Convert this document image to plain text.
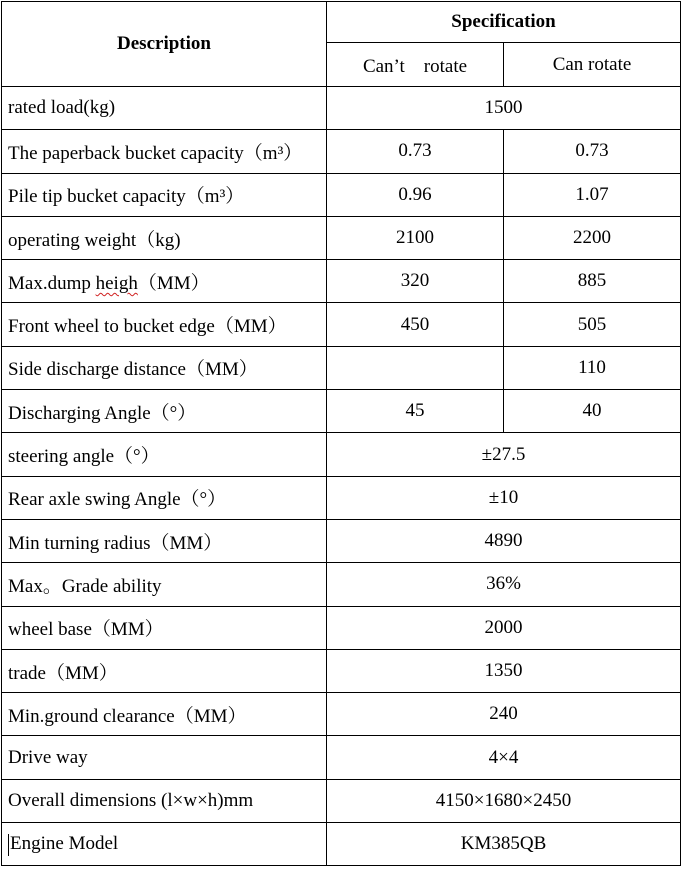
Description	Specification	
	Can’t　rotate	Can rotate
rated load(kg)	1500	
The paperback bucket capacity（m³）	0.73	0.73
Pile tip bucket capacity（m³）	0.96	1.07
operating weight（kg)	2100	2200
Max.dump heigh（MM）	320	885
Front wheel to bucket edge（MM）	450	505
Side discharge distance（MM）		110
Discharging Angle（°）	45	40
steering angle（°）	±27.5	
Rear axle swing Angle（°）	±10	
Min turning radius（MM）	4890	
Max。Grade ability	36%	
wheel base（MM）	2000	
trade（MM）	1350	
Min.ground clearance（MM）	240	
Drive way	4×4	
Overall dimensions (l×w×h)mm	4150×1680×2450	
Engine Model	KM385QB	
